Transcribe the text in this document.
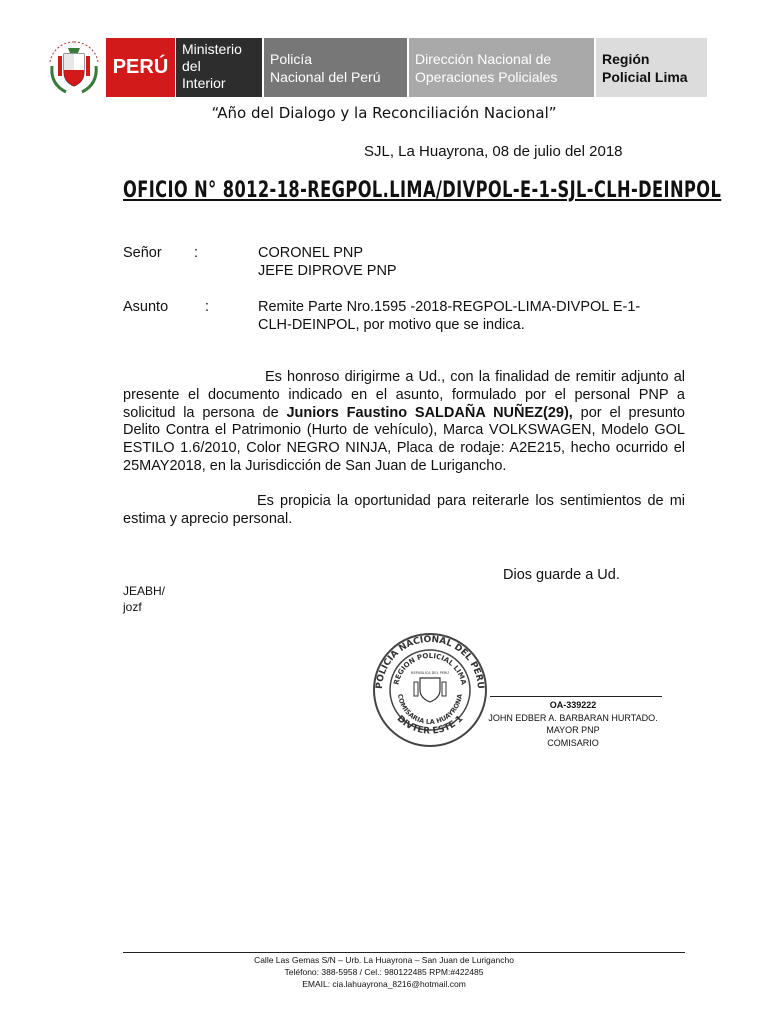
PERÚ
Ministerio
del
Interior
Policía
Nacional del Perú
Dirección Nacional de
Operaciones Policiales
Región
Policial Lima
“Año del Dialogo y la Reconciliación Nacional”
SJL, La Huayrona, 08 de julio del 2018
OFICIO N° 8012-18-REGPOL.LIMA/DIVPOL-E-1-SJL-CLH-DEINPOL
Señor :	CORONEL PNP
JEFE DIPROVE PNP
Asunto	:	Remite Parte Nro.1595 -2018-REGPOL-LIMA-DIVPOL E-1-
CLH-DEINPOL, por motivo que se indica.
Es honroso dirigirme a Ud., con la finalidad de remitir adjunto al presente el documento indicado en el asunto, formulado por el personal PNP a solicitud la persona de Juniors Faustino SALDAÑA NUÑEZ(29), por el presunto Delito Contra el Patrimonio (Hurto de vehículo), Marca VOLKSWAGEN, Modelo GOL ESTILO 1.6/2010, Color NEGRO NINJA, Placa de rodaje: A2E215, hecho ocurrido el 25MAY2018, en la Jurisdicción de San Juan de Lurigancho.
Es propicia la oportunidad para reiterarle los sentimientos de mi estima y aprecio personal.
Dios guarde a Ud.
JEABH/
jozf
POLICIA NACIONAL DEL PERU
REGION POLICIAL LIMA
COMISARIA LA HUAYRONA
DIVTER ESTE 1
REPUBLICA DEL PERU
OA-339222
JOHN EDBER A. BARBARAN HURTADO.
MAYOR PNP
COMISARIO
Calle Las Gemas S/N – Urb. La Huayrona – San Juan de Lurigancho
Teléfono: 388-5958 / Cel.: 980122485 RPM:#422485
EMAIL: cia.lahuayrona_8216@hotmail.com
